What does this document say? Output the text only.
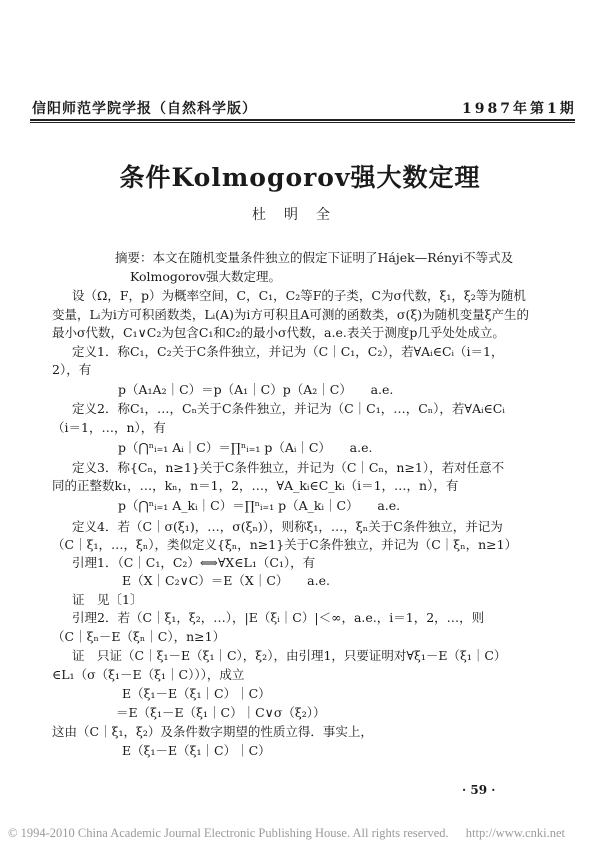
信阳师范学院学报（自然科学版）	1987年第1期
条件Kolmogorov强大数定理
杜明全
摘要：本文在随机变量条件独立的假定下证明了Hájek—Rényi不等式及
Kolmogorov强大数定理。
设（Ω，F，p）为概率空间，C，C₁，C₂等F的子类，C为σ代数，ξ₁，ξ₂等为随机
变量，Lᵢ为i方可积函数类，Lᵢ(A)为i方可积且A可测的函数类，σ(ξ)为随机变量ξ产生的
最小σ代数，C₁∨C₂为包含C₁和C₂的最小σ代数，a.e.表关于测度p几乎处处成立。
定义1．称C₁，C₂关于C条件独立，并记为（C｜C₁，C₂），若∀Aᵢ∈Cᵢ（i＝1，
2），有
p（A₁A₂｜C）＝p（A₁｜C）p（A₂｜C）　　a.e.
定义2．称C₁，…，Cₙ关于C条件独立，并记为（C｜C₁，…，Cₙ），若∀Aᵢ∈Cᵢ
（i＝1，…，n），有
p（⋂ⁿᵢ₌₁ Aᵢ｜C）＝∏ⁿᵢ₌₁ p（Aᵢ｜C）　　a.e.
定义3．称{Cₙ，n≥1}关于C条件独立，并记为（C｜Cₙ，n≥1），若对任意不
同的正整数k₁，…，kₙ，n＝1，2，…，∀A_kᵢ∈C_kᵢ（i＝1，…，n），有
p（⋂ⁿᵢ₌₁ A_kᵢ｜C）＝∏ⁿᵢ₌₁ p（A_kᵢ｜C）　　a.e.
定义4．若（C｜σ(ξ₁)，…，σ(ξₙ)），则称ξ₁，…，ξₙ关于C条件独立，并记为
（C｜ξ₁，…，ξₙ），类似定义{ξₙ，n≥1}关于C条件独立，并记为（C｜ξₙ，n≥1）
引理1．（C｜C₁，C₂）⟺∀X∈L₁（C₁），有
E（X｜C₂∨C）＝E（X｜C）　　a.e.
证　见〔1〕
引理2．若（C｜ξ₁，ξ₂，…），|E（ξᵢ｜C）|＜∞，a.e.，i＝1，2，…，则
（C｜ξₙ－E（ξₙ｜C），n≥1）
证　只证（C｜ξ₁－E（ξ₁｜C），ξ₂），由引理1，只要证明对∀ξ₁－E（ξ₁｜C）
∈L₁（σ（ξ₁－E（ξ₁｜C））），成立
E（ξ₁－E（ξ₁｜C）｜C）
＝E（ξ₁－E（ξ₁｜C）｜C∨σ（ξ₂））
这由（C｜ξ₁，ξ₂）及条件数字期望的性质立得．事实上，
E（ξ₁－E（ξ₁｜C）｜C）
· 59 ·
© 1994-2010 China Academic Journal Electronic Publishing House. All rights reserved. http://www.cnki.net
